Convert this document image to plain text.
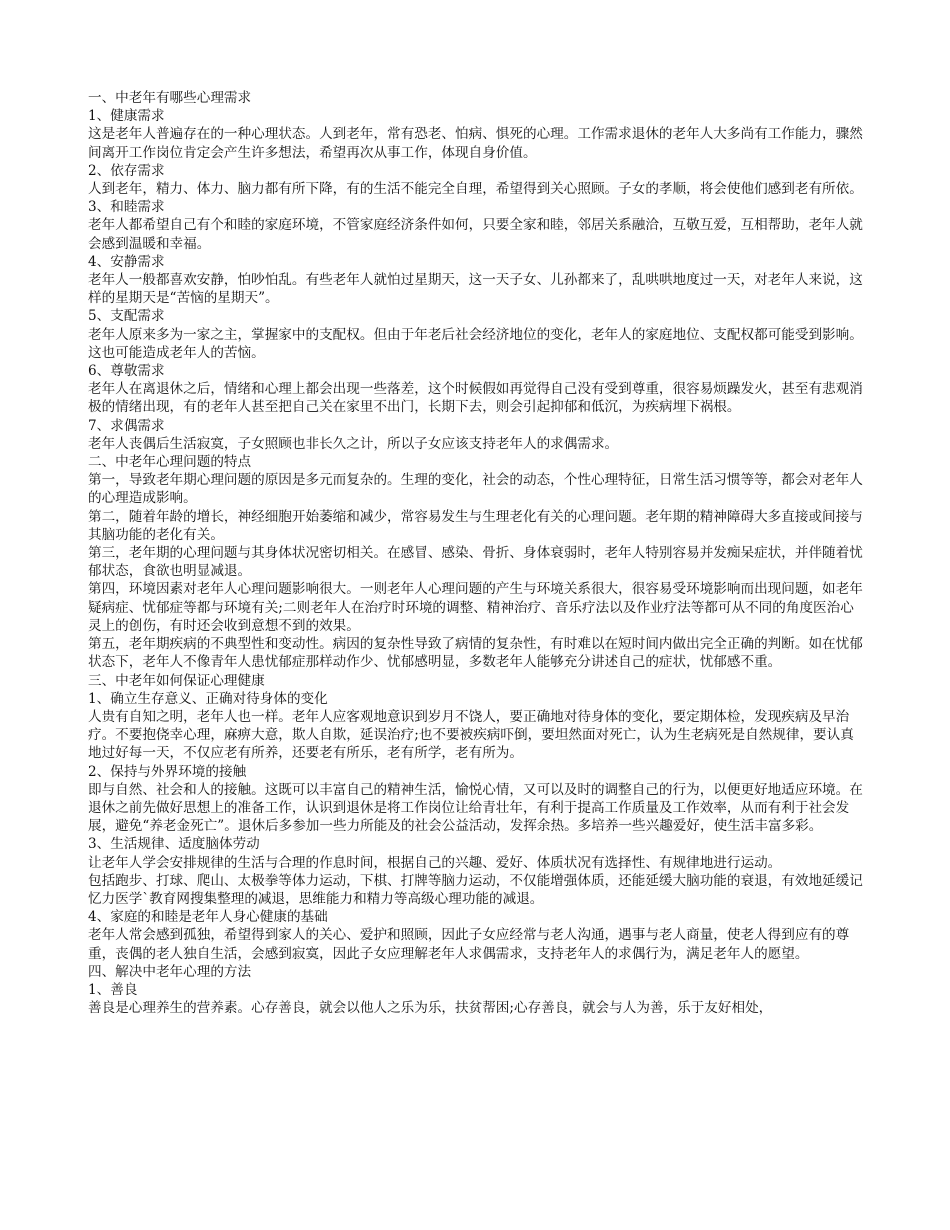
一、中老年有哪些心理需求
1、健康需求
这是老年人普遍存在的一种心理状态。人到老年，常有恐老、怕病、惧死的心理。工作需求退休的老年人大多尚有工作能力，骤然间离开工作岗位肯定会产生许多想法，希望再次从事工作，体现自身价值。
2、依存需求
人到老年，精力、体力、脑力都有所下降，有的生活不能完全自理，希望得到关心照顾。子女的孝顺，将会使他们感到老有所依。
3、和睦需求
老年人都希望自己有个和睦的家庭环境，不管家庭经济条件如何，只要全家和睦，邻居关系融洽，互敬互爱，互相帮助，老年人就会感到温暖和幸福。
4、安静需求
老年人一般都喜欢安静，怕吵怕乱。有些老年人就怕过星期天，这一天子女、儿孙都来了，乱哄哄地度过一天，对老年人来说，这样的星期天是“苦恼的星期天”。
5、支配需求
老年人原来多为一家之主，掌握家中的支配权。但由于年老后社会经济地位的变化，老年人的家庭地位、支配权都可能受到影响。这也可能造成老年人的苦恼。
6、尊敬需求
老年人在离退休之后，情绪和心理上都会出现一些落差，这个时候假如再觉得自己没有受到尊重，很容易烦躁发火，甚至有悲观消极的情绪出现，有的老年人甚至把自己关在家里不出门，长期下去，则会引起抑郁和低沉，为疾病埋下祸根。
7、求偶需求
老年人丧偶后生活寂寞，子女照顾也非长久之计，所以子女应该支持老年人的求偶需求。
二、中老年心理问题的特点
第一，导致老年期心理问题的原因是多元而复杂的。生理的变化，社会的动态，个性心理特征，日常生活习惯等等，都会对老年人的心理造成影响。
第二，随着年龄的增长，神经细胞开始萎缩和减少，常容易发生与生理老化有关的心理问题。老年期的精神障碍大多直接或间接与其脑功能的老化有关。
第三，老年期的心理问题与其身体状况密切相关。在感冒、感染、骨折、身体衰弱时，老年人特别容易并发痴呆症状，并伴随着忧郁状态，食欲也明显减退。
第四，环境因素对老年人心理问题影响很大。一则老年人心理问题的产生与环境关系很大，很容易受环境影响而出现问题，如老年疑病症、忧郁症等都与环境有关;二则老年人在治疗时环境的调整、精神治疗、音乐疗法以及作业疗法等都可从不同的角度医治心灵上的创伤，有时还会收到意想不到的效果。
第五，老年期疾病的不典型性和变动性。病因的复杂性导致了病情的复杂性，有时难以在短时间内做出完全正确的判断。如在忧郁状态下，老年人不像青年人患忧郁症那样动作少、忧郁感明显，多数老年人能够充分讲述自己的症状，忧郁感不重。
三、中老年如何保证心理健康
1、确立生存意义、正确对待身体的变化
人贵有自知之明，老年人也一样。老年人应客观地意识到岁月不饶人，要正确地对待身体的变化，要定期体检，发现疾病及早治疗。不要抱侥幸心理，麻痹大意，欺人自欺，延误治疗;也不要被疾病吓倒，要坦然面对死亡，认为生老病死是自然规律，要认真地过好每一天，不仅应老有所养，还要老有所乐，老有所学，老有所为。
2、保持与外界环境的接触
即与自然、社会和人的接触。这既可以丰富自己的精神生活，愉悦心情，又可以及时的调整自己的行为，以便更好地适应环境。在退休之前先做好思想上的准备工作，认识到退休是将工作岗位让给青壮年，有利于提高工作质量及工作效率，从而有利于社会发展，避免“养老金死亡”。退休后多参加一些力所能及的社会公益活动，发挥余热。多培养一些兴趣爱好，使生活丰富多彩。
3、生活规律、适度脑体劳动
让老年人学会安排规律的生活与合理的作息时间，根据自己的兴趣、爱好、体质状况有选择性、有规律地进行运动。
包括跑步、打球、爬山、太极拳等体力运动，下棋、打牌等脑力运动，不仅能增强体质，还能延缓大脑功能的衰退，有效地延缓记忆力医学`教育网搜集整理的减退，思维能力和精力等高级心理功能的减退。
4、家庭的和睦是老年人身心健康的基础
老年人常会感到孤独，希望得到家人的关心、爱护和照顾，因此子女应经常与老人沟通，遇事与老人商量，使老人得到应有的尊重，丧偶的老人独自生活，会感到寂寞，因此子女应理解老年人求偶需求，支持老年人的求偶行为，满足老年人的愿望。
四、解决中老年心理的方法
1、善良
善良是心理养生的营养素。心存善良，就会以他人之乐为乐，扶贫帮困;心存善良，就会与人为善，乐于友好相处，
